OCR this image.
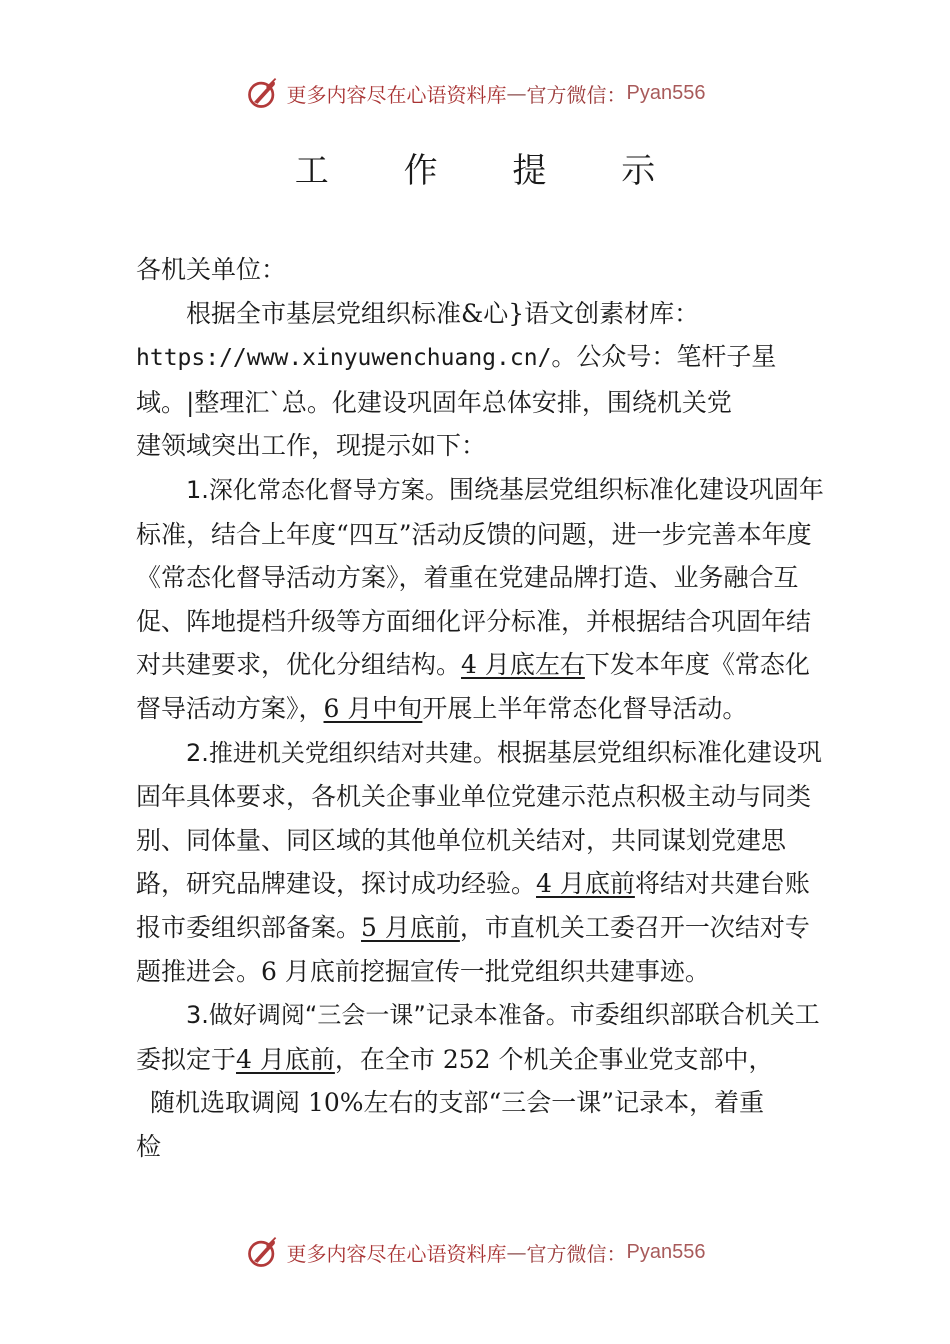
更多内容尽在心语资料库 — 官方微信： Pyan556
工 作 提 示

各机关单位：

根据全市基层党组织标准&心}语文创素材库：

https://www.xinyuwenchuang.cn/。公众号：笔杆子星

域。|整理汇`总。化建设巩固年总体安排，围绕机关党

建领域突出工作，现提示如下：

1.深化常态化督导方案。围绕基层党组织标准化建设巩固年标准，结合上年度“四互”活动反馈的问题，进一步完善本年度《常态化督导活动方案》，着重在党建品牌打造、业务融合互促、阵地提档升级等方面细化评分标准，并根据结合巩固年结对共建要求，优化分组结构。4 月底左右下发本年度《常态化督导活动方案》，6 月中旬开展上半年常态化督导活动。

2.推进机关党组织结对共建。根据基层党组织标准化建设巩固年具体要求，各机关企事业单位党建示范点积极主动与同类别、同体量、同区域的其他单位机关结对，共同谋划党建思路，研究品牌建设，探讨成功经验。4 月底前将结对共建台账报市委组织部备案。5 月底前，市直机关工委召开一次结对专题推进会。6 月底前挖掘宣传一批党组织共建事迹。

3.做好调阅“三会一课”记录本准备。市委组织部联合机关工委拟定于4 月底前，在全市 252 个机关企事业党支部中，

随机选取调阅 10%左右的支部“三会一课”记录本，着重

检

更多内容尽在心语资料库 — 官方微信： Pyan556
